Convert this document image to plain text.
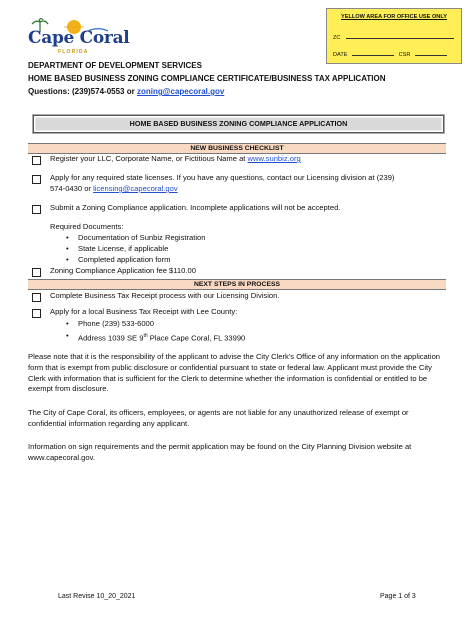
Cape Coral
FLORIDA
YELLOW AREA FOR OFFICE USE ONLY
ZC
DATE	CSR
DEPARTMENT OF DEVELOPMENT SERVICES
HOME BASED BUSINESS ZONING COMPLIANCE CERTIFICATE/BUSINESS TAX APPLICATION
Questions: (239)574-0553 or zoning@capecoral.gov
HOME BASED BUSINESS ZONING COMPLIANCE APPLICATION
NEW BUSINESS CHECKLIST
Register your LLC, Corporate Name, or Fictitious Name at www.sunbiz.org
Apply for any required state licenses. If you have any questions, contact our Licensing division at (239)
574-0430 or licensing@capecoral.gov
Submit a Zoning Compliance application. Incomplete applications will not be accepted.
Required Documents:
• Documentation of Sunbiz Registration
• State License, if applicable
• Completed application form
Zoning Compliance Application fee $110.00
NEXT STEPS IN PROCESS
Complete Business Tax Receipt process with our Licensing Division.
Apply for a local Business Tax Receipt with Lee County:
• Phone (239) 533-6000
• Address 1039 SE 9th Place Cape Coral, FL 33990
Please note that it is the responsibility of the applicant to advise the City Clerk's Office of any information on the application form that is exempt from public disclosure or confidential pursuant to state or federal law. Applicant must provide the City Clerk with information that is sufficient for the Clerk to determine whether the information is confidential or entitled to be exempt from disclosure.
The City of Cape Coral, its officers, employees, or agents are not liable for any unauthorized release of exempt or confidential information regarding any applicant.
Information on sign requirements and the permit application may be found on the City Planning Division website at www.capecoral.gov.
Last Revise 10_20_2021	Page 1 of 3
